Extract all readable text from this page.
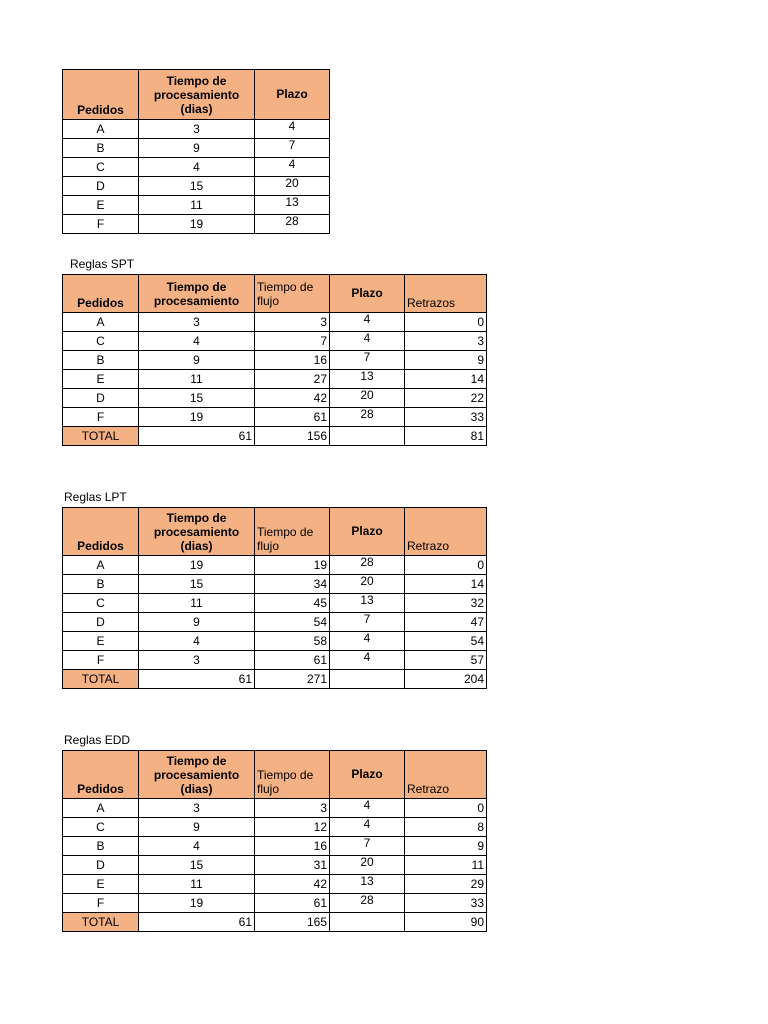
Pedidos	Tiempo de procesamiento (dias)	Plazo
A	3	4
B	9	7
C	4	4
D	15	20
E	11	13
F	19	28
Reglas SPT
Pedidos	Tiempo de procesamiento	Tiempo de flujo	Plazo	Retrazos
A	3	3	4	0
C	4	7	4	3
B	9	16	7	9
E	11	27	13	14
D	15	42	20	22
F	19	61	28	33
TOTAL	61	156		81
Reglas LPT
Pedidos	Tiempo de procesamiento (dias)	Tiempo de flujo	Plazo	Retrazo
A	19	19	28	0
B	15	34	20	14
C	11	45	13	32
D	9	54	7	47
E	4	58	4	54
F	3	61	4	57
TOTAL	61	271		204
Reglas EDD
Pedidos	Tiempo de procesamiento (dias)	Tiempo de flujo	Plazo	Retrazo
A	3	3	4	0
C	9	12	4	8
B	4	16	7	9
D	15	31	20	11
E	11	42	13	29
F	19	61	28	33
TOTAL	61	165		90
